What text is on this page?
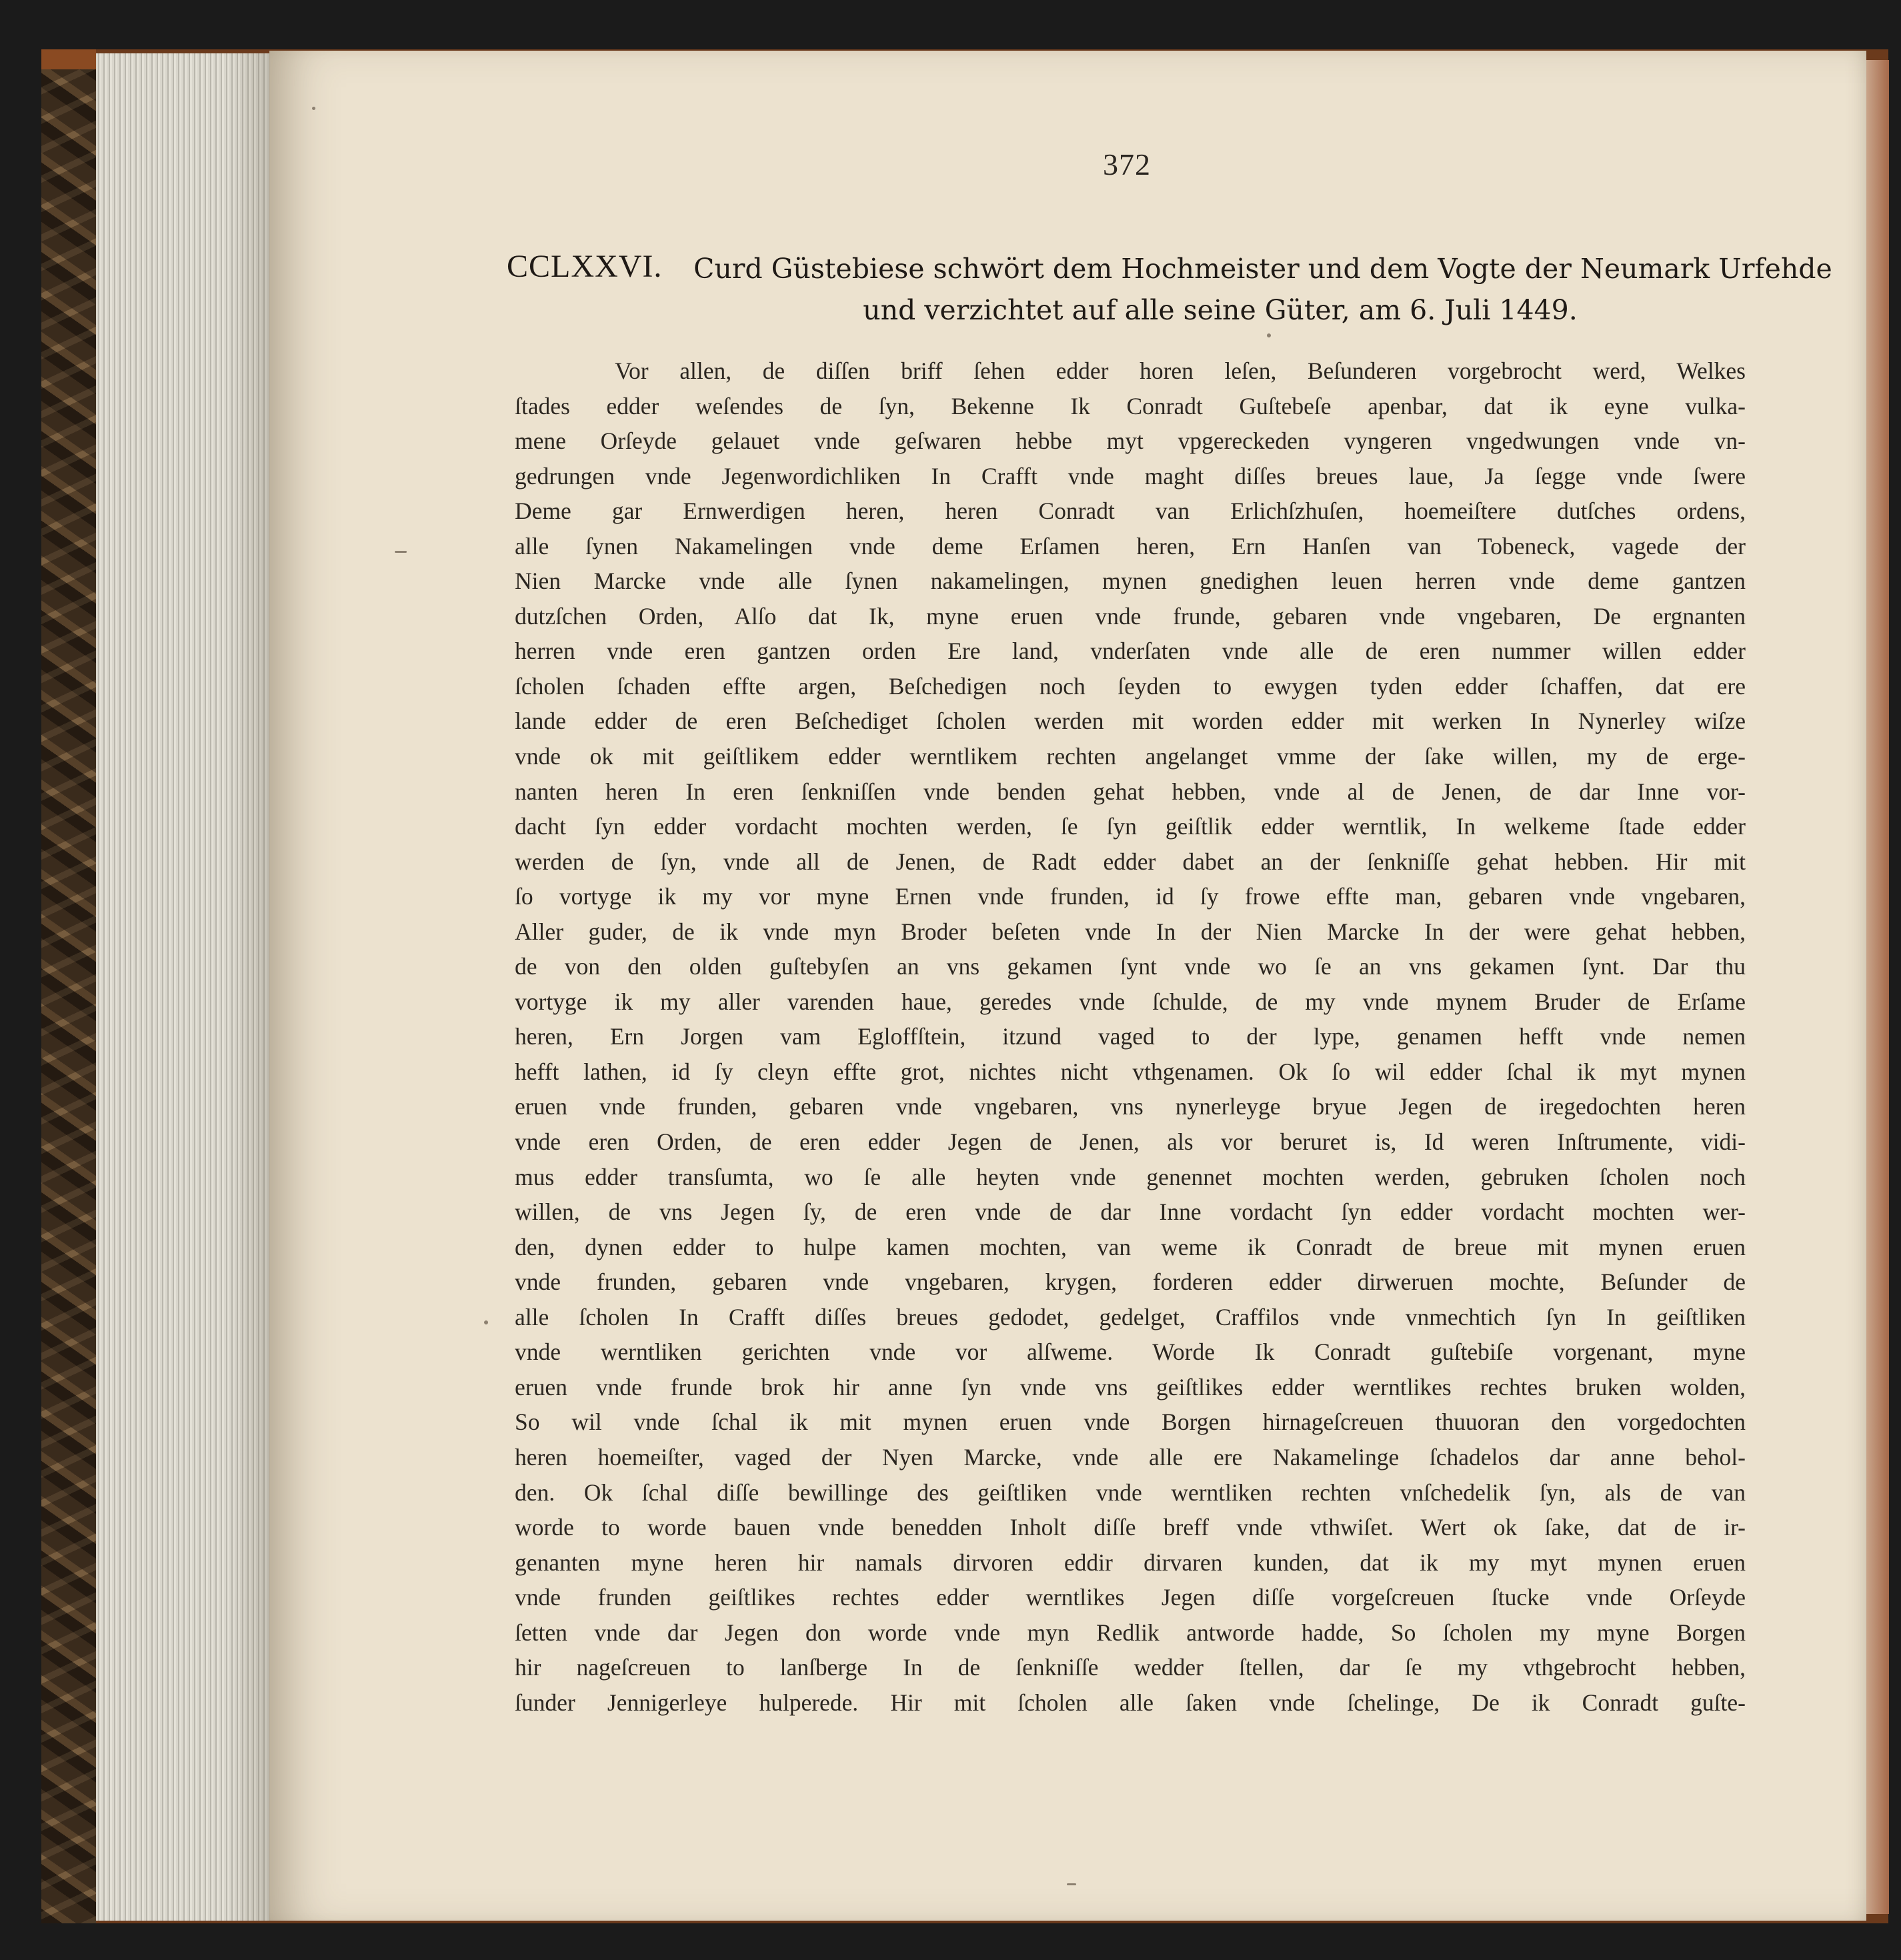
372
CCLXXVI. Curd Güstebiese schwört dem Hochmeister und dem Vogte der Neumark Urfehde
und verzichtet auf alle seine Güter, am 6. Juli 1449.
Vor allen, de diſſen briff ſehen edder horen leſen, Beſunderen vorgebrocht werd, Welkes
ſtades edder weſendes de ſyn, Bekenne Ik Conradt Guſtebeſe apenbar, dat ik eyne vulka-
mene Orſeyde gelauet vnde geſwaren hebbe myt vpgereckeden vyngeren vngedwungen vnde vn-
gedrungen vnde Jegenwordichliken In Crafft vnde maght diſſes breues laue, Ja ſegge vnde ſwere
Deme gar Ernwerdigen heren, heren Conradt van Erlichſzhuſen, hoemeiſtere dutſches ordens,
alle ſynen Nakamelingen vnde deme Erſamen heren, Ern Hanſen van Tobeneck, vagede der
Nien Marcke vnde alle ſynen nakamelingen, mynen gnedighen leuen herren vnde deme gantzen
dutzſchen Orden, Alſo dat Ik, myne eruen vnde frunde, gebaren vnde vngebaren, De ergnanten
herren vnde eren gantzen orden Ere land, vnderſaten vnde alle de eren nummer willen edder
ſcholen ſchaden effte argen, Beſchedigen noch ſeyden to ewygen tyden edder ſchaffen, dat ere
lande edder de eren Beſchediget ſcholen werden mit worden edder mit werken In Nynerley wiſze
vnde ok mit geiſtlikem edder werntlikem rechten angelanget vmme der ſake willen, my de erge-
nanten heren In eren ſenkniſſen vnde benden gehat hebben, vnde al de Jenen, de dar Inne vor-
dacht ſyn edder vordacht mochten werden, ſe ſyn geiſtlik edder werntlik, In welkeme ſtade edder
werden de ſyn, vnde all de Jenen, de Radt edder dabet an der ſenkniſſe gehat hebben. Hir mit
ſo vortyge ik my vor myne Ernen vnde frunden, id ſy frowe effte man, gebaren vnde vngebaren,
Aller guder, de ik vnde myn Broder beſeten vnde In der Nien Marcke In der were gehat hebben,
de von den olden guſtebyſen an vns gekamen ſynt vnde wo ſe an vns gekamen ſynt. Dar thu
vortyge ik my aller varenden haue, geredes vnde ſchulde, de my vnde mynem Bruder de Erſame
heren, Ern Jorgen vam Egloffſtein, itzund vaged to der lype, genamen hefft vnde nemen
hefft lathen, id ſy cleyn effte grot, nichtes nicht vthgenamen. Ok ſo wil edder ſchal ik myt mynen
eruen vnde frunden, gebaren vnde vngebaren, vns nynerleyge bryue Jegen de iregedochten heren
vnde eren Orden, de eren edder Jegen de Jenen, als vor beruret is, Id weren Inſtrumente, vidi-
mus edder transſumta, wo ſe alle heyten vnde genennet mochten werden, gebruken ſcholen noch
willen, de vns Jegen ſy, de eren vnde de dar Inne vordacht ſyn edder vordacht mochten wer-
den, dynen edder to hulpe kamen mochten, van weme ik Conradt de breue mit mynen eruen
vnde frunden, gebaren vnde vngebaren, krygen, forderen edder dirweruen mochte, Beſunder de
alle ſcholen In Crafft diſſes breues gedodet, gedelget, Craffilos vnde vnmechtich ſyn In geiſtliken
vnde werntliken gerichten vnde vor alſweme. Worde Ik Conradt guſtebiſe vorgenant, myne
eruen vnde frunde brok hir anne ſyn vnde vns geiſtlikes edder werntlikes rechtes bruken wolden,
So wil vnde ſchal ik mit mynen eruen vnde Borgen hirnageſcreuen thuuoran den vorgedochten
heren hoemeiſter, vaged der Nyen Marcke, vnde alle ere Nakamelinge ſchadelos dar anne behol-
den. Ok ſchal diſſe bewillinge des geiſtliken vnde werntliken rechten vnſchedelik ſyn, als de van
worde to worde bauen vnde benedden Inholt diſſe breff vnde vthwiſet. Wert ok ſake, dat de ir-
genanten myne heren hir namals dirvoren eddir dirvaren kunden, dat ik my myt mynen eruen
vnde frunden geiſtlikes rechtes edder werntlikes Jegen diſſe vorgeſcreuen ſtucke vnde Orſeyde
ſetten vnde dar Jegen don worde vnde myn Redlik antworde hadde, So ſcholen my myne Borgen
hir nageſcreuen to lanſberge In de ſenkniſſe wedder ſtellen, dar ſe my vthgebrocht hebben,
ſunder Jennigerleye hulperede. Hir mit ſcholen alle ſaken vnde ſchelinge, De ik Conradt guſte-
